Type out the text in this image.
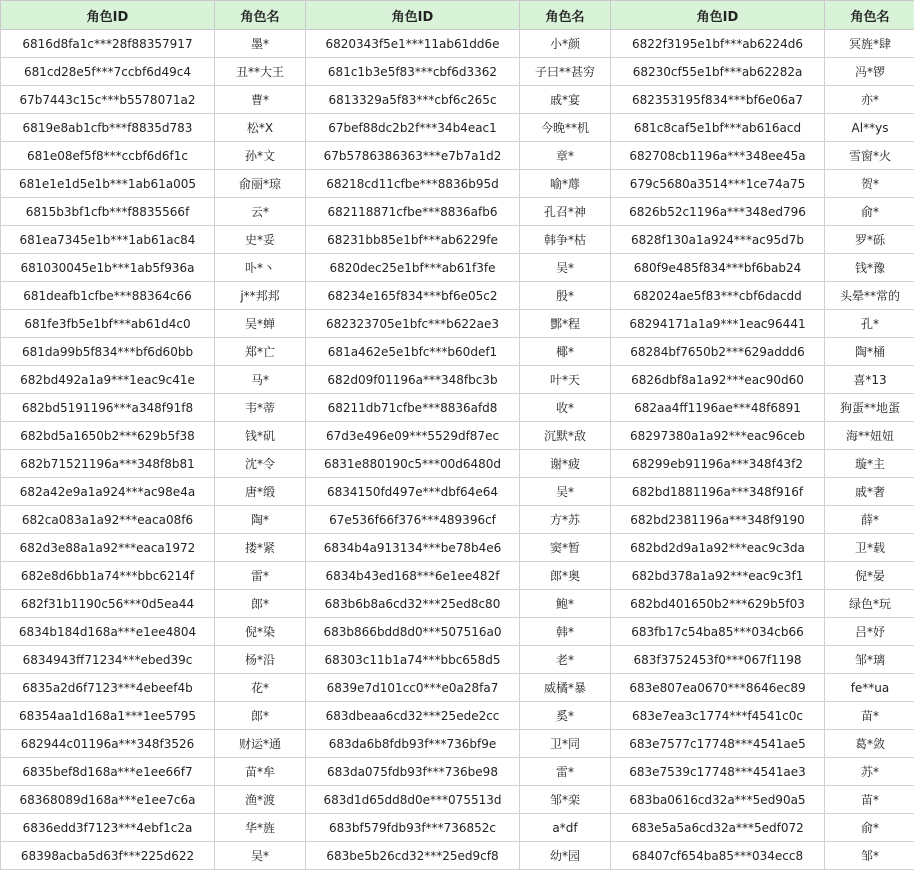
角色ID	角色名	角色ID	角色名	角色ID	角色名
6816d8fa1c***28f88357917	墨*	6820343f5e1***11ab61dd6e	小*颜	6822f3195e1bf***ab6224d6	冥旌*肆
681cd28e5f***7ccbf6d49c4	丑**大王	681c1b3e5f83***cbf6d3362	子曰**甚穷	68230cf55e1bf***ab62282a	冯*锣
67b7443c15c***b5578071a2	曹*	6813329a5f83***cbf6c265c	戚*宴	682353195f834***bf6e06a7	亦*
6819e8ab1cfb***f8835d783	松*X	67bef88dc2b2f***34b4eac1	今晚**机	681c8caf5e1bf***ab616acd	Al**ys
681e08ef5f8***ccbf6d6f1c	孙*文	67b5786386363***e7b7a1d2	章*	682708cb1196a***348ee45a	雪窗*火
681e1e1d5e1b***1ab61a005	俞丽*琼	68218cd11cfbe***8836b95d	喻*蓐	679c5680a3514***1ce74a75	贺*
6815b3bf1cfb***f8835566f	云*	682118871cfbe***8836afb6	孔召*神	6826b52c1196a***348ed796	俞*
681ea7345e1b***1ab61ac84	史*妥	68231bb85e1bf***ab6229fe	韩争*枯	6828f130a1a924***ac95d7b	罗*砾
681030045e1b***1ab5f936a	卟*丶	6820dec25e1bf***ab61f3fe	吴*	680f9e485f834***bf6bab24	钱*豫
681deafb1cfbe***88364c66	j**邦邦	68234e165f834***bf6e05c2	殷*	682024ae5f83***cbf6dacdd	头晕**常的
681fe3fb5e1bf***ab61d4c0	吴*蝉	682323705e1bfc***b622ae3	酆*程	68294171a1a9***1eac96441	孔*
681da99b5f834***bf6d60bb	郑*亡	681a462e5e1bfc***b60def1	椰*	68284bf7650b2***629addd6	陶*桶
682bd492a1a9***1eac9c41e	马*	682d09f01196a***348fbc3b	叶*天	6826dbf8a1a92***eac90d60	喜*13
682bd5191196***a348f91f8	韦*蒂	68211db71cfbe***8836afd8	收*	682aa4ff1196ae***48f6891	狗蛋**地蛋
682bd5a1650b2***629b5f38	钱*矶	67d3e496e09***5529df87ec	沉默*敌	68297380a1a92***eac96ceb	海**妞妞
682b71521196a***348f8b81	沈*令	6831e880190c5***00d6480d	谢*疲	68299eb91196a***348f43f2	璇*主
682a42e9a1a924***ac98e4a	唐*缎	6834150fd497e***dbf64e64	吴*	682bd1881196a***348f916f	戚*奢
682ca083a1a92***eaca08f6	陶*	67e536f66f376***489396cf	方*苏	682bd2381196a***348f9190	薛*
682d3e88a1a92***eaca1972	搂*紧	6834b4a913134***be78b4e6	窦*暂	682bd2d9a1a92***eac9c3da	卫*载
682e8d6bb1a74***bbc6214f	雷*	6834b43ed168***6e1ee482f	郎*奥	682bd378a1a92***eac9c3f1	倪*晏
682f31b1190c56***0d5ea44	郎*	683b6b8a6cd32***25ed8c80	鲍*	682bd401650b2***629b5f03	绿色*玩
6834b184d168a***e1ee4804	倪*染	683b866bdd8d0***507516a0	韩*	683fb17c54ba85***034cb66	吕*妤
6834943ff71234***ebed39c	杨*沿	68303c11b1a74***bbc658d5	老*	683f3752453f0***067f1198	邹*璃
6835a2d6f7123***4ebeef4b	花*	6839e7d101cc0***e0a28fa7	威橘*暴	683e807ea0670***8646ec89	fe**ua
68354aa1d168a1***1ee5795	郎*	683dbeaa6cd32***25ede2cc	奚*	683e7ea3c1774***f4541c0c	苗*
682944c01196a***348f3526	财运*通	683da6b8fdb93f***736bf9e	卫*同	683e7577c17748***4541ae5	葛*敛
6835bef8d168a***e1ee66f7	苗*牟	683da075fdb93f***736be98	雷*	683e7539c17748***4541ae3	苏*
68368089d168a***e1ee7c6a	渔*渡	683d1d65dd8d0e***075513d	邹*栾	683ba0616cd32a***5ed90a5	苗*
6836edd3f7123***4ebf1c2a	华*旌	683bf579fdb93f***736852c	a*df	683e5a5a6cd32a***5edf072	俞*
68398acba5d63f***225d622	吴*	683be5b26cd32***25ed9cf8	幼*园	68407cf654ba85***034ecc8	邹*
